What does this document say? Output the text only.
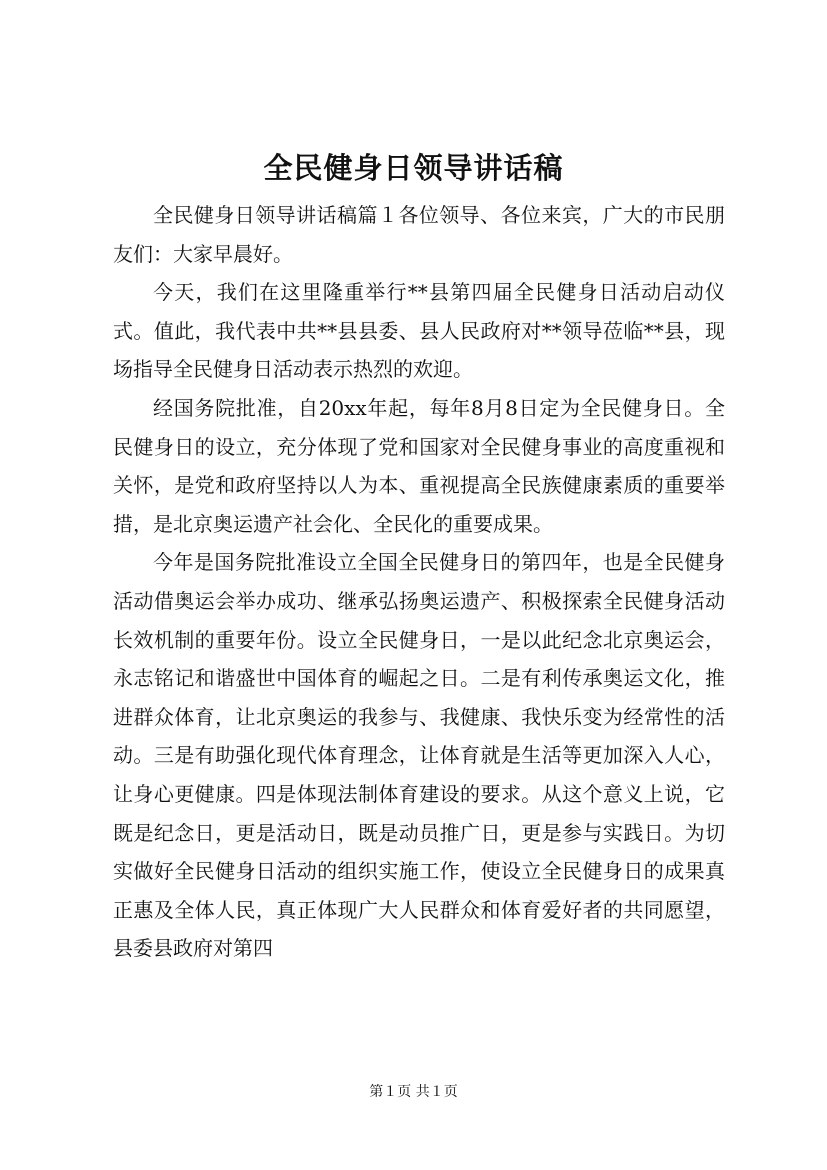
全民健身日领导讲话稿

全民健身日领导讲话稿篇１各位领导、各位来宾，广大的市民朋友们：大家早晨好。

今天，我们在这里隆重举行**县第四届全民健身日活动启动仪式。值此，我代表中共**县县委、县人民政府对**领导莅临**县，现场指导全民健身日活动表示热烈的欢迎。

经国务院批准，自20xx年起，每年8月8日定为全民健身日。全民健身日的设立，充分体现了党和国家对全民健身事业的高度重视和关怀，是党和政府坚持以人为本、重视提高全民族健康素质的重要举措，是北京奥运遗产社会化、全民化的重要成果。

今年是国务院批准设立全国全民健身日的第四年，也是全民健身活动借奥运会举办成功、继承弘扬奥运遗产、积极探索全民健身活动长效机制的重要年份。设立全民健身日，一是以此纪念北京奥运会，永志铭记和谐盛世中国体育的崛起之日。二是有利传承奥运文化，推进群众体育，让北京奥运的我参与、我健康、我快乐变为经常性的活动。三是有助强化现代体育理念，让体育就是生活等更加深入人心，让身心更健康。四是体现法制体育建设的要求。从这个意义上说，它既是纪念日，更是活动日，既是动员推广日，更是参与实践日。为切实做好全民健身日活动的组织实施工作，使设立全民健身日的成果真正惠及全体人民，真正体现广大人民群众和体育爱好者的共同愿望，县委县政府对第四

第１页 共１页
